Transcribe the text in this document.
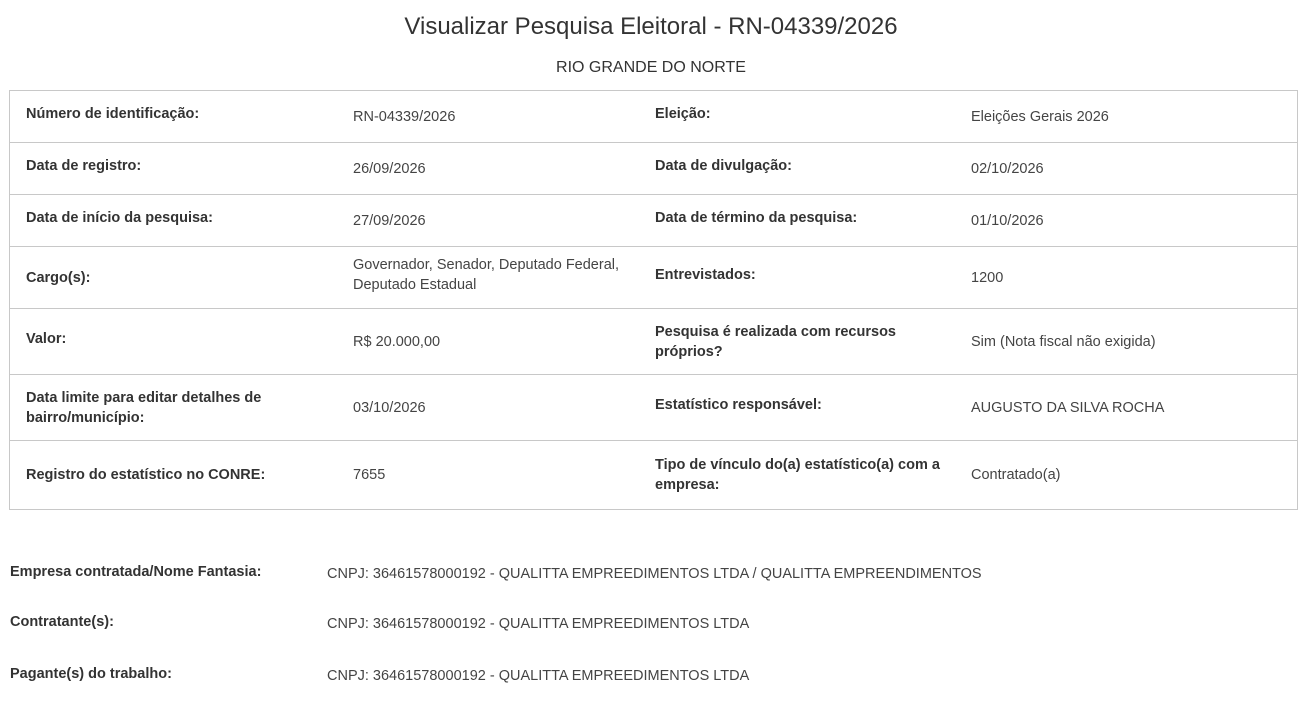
Visualizar Pesquisa Eleitoral - RN-04339/2026
RIO GRANDE DO NORTE
Número de identificação:	RN-04339/2026	Eleição:	Eleições Gerais 2026
Data de registro:	26/09/2026	Data de divulgação:	02/10/2026
Data de início da pesquisa:	27/09/2026	Data de término da pesquisa:	01/10/2026
Cargo(s):	Governador, Senador, Deputado Federal, Deputado Estadual	Entrevistados:	1200
Valor:	R$ 20.000,00	Pesquisa é realizada com recursos próprios?	Sim (Nota fiscal não exigida)
Data limite para editar detalhes de bairro/município:	03/10/2026	Estatístico responsável:	AUGUSTO DA SILVA ROCHA
Registro do estatístico no CONRE:	7655	Tipo de vínculo do(a) estatístico(a) com a empresa:	Contratado(a)
Empresa contratada/Nome Fantasia:	CNPJ: 36461578000192 - QUALITTA EMPREEDIMENTOS LTDA / QUALITTA EMPREENDIMENTOS
Contratante(s):	CNPJ: 36461578000192 - QUALITTA EMPREEDIMENTOS LTDA
Pagante(s) do trabalho:	CNPJ: 36461578000192 - QUALITTA EMPREEDIMENTOS LTDA
